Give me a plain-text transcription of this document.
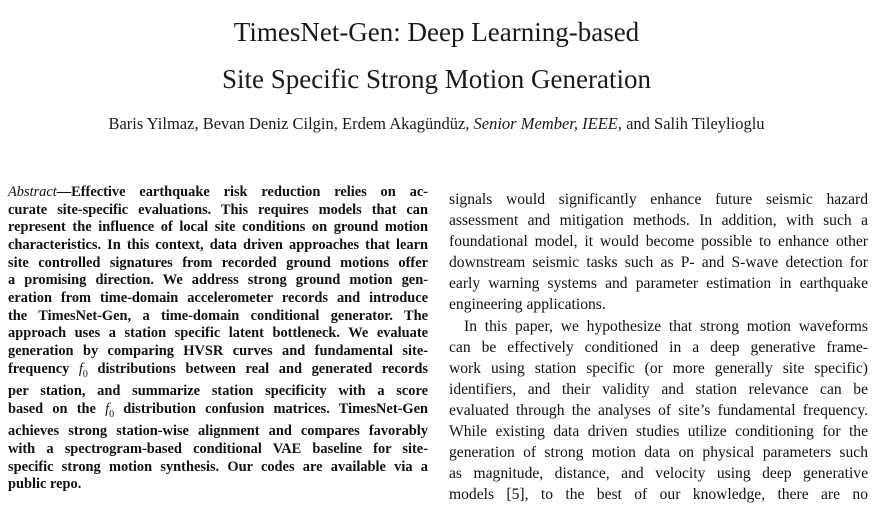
TimesNet-Gen: Deep Learning-based
Site Specific Strong Motion Generation
Baris Yilmaz, Bevan Deniz Cilgin, Erdem Akagündüz, Senior Member, IEEE, and Salih Tileylioglu
Abstract—Effective earthquake risk reduction relies on ac-
curate site-specific evaluations. This requires models that can
represent the influence of local site conditions on ground motion
characteristics. In this context, data driven approaches that learn
site controlled signatures from recorded ground motions offer
a promising direction. We address strong ground motion gen-
eration from time-domain accelerometer records and introduce
the TimesNet-Gen, a time-domain conditional generator. The
approach uses a station specific latent bottleneck. We evaluate
generation by comparing HVSR curves and fundamental site-
frequency $f_0$ distributions between real and generated records
per station, and summarize station specificity with a score
based on the $f_0$ distribution confusion matrices. TimesNet-Gen
achieves strong station-wise alignment and compares favorably
with a spectrogram-based conditional VAE baseline for site-
specific strong motion synthesis. Our codes are available via a
public repo.
signals would significantly enhance future seismic hazard
assessment and mitigation methods. In addition, with such a
foundational model, it would become possible to enhance other
downstream seismic tasks such as P- and S-wave detection for
early warning systems and parameter estimation in earthquake
engineering applications.
In this paper, we hypothesize that strong motion waveforms
can be effectively conditioned in a deep generative frame-
work using station specific (or more generally site specific)
identifiers, and their validity and station relevance can be
evaluated through the analyses of site’s fundamental frequency.
While existing data driven studies utilize conditioning for the
generation of strong motion data on physical parameters such
as magnitude, distance, and velocity using deep generative
models [5], to the best of our knowledge, there are no
